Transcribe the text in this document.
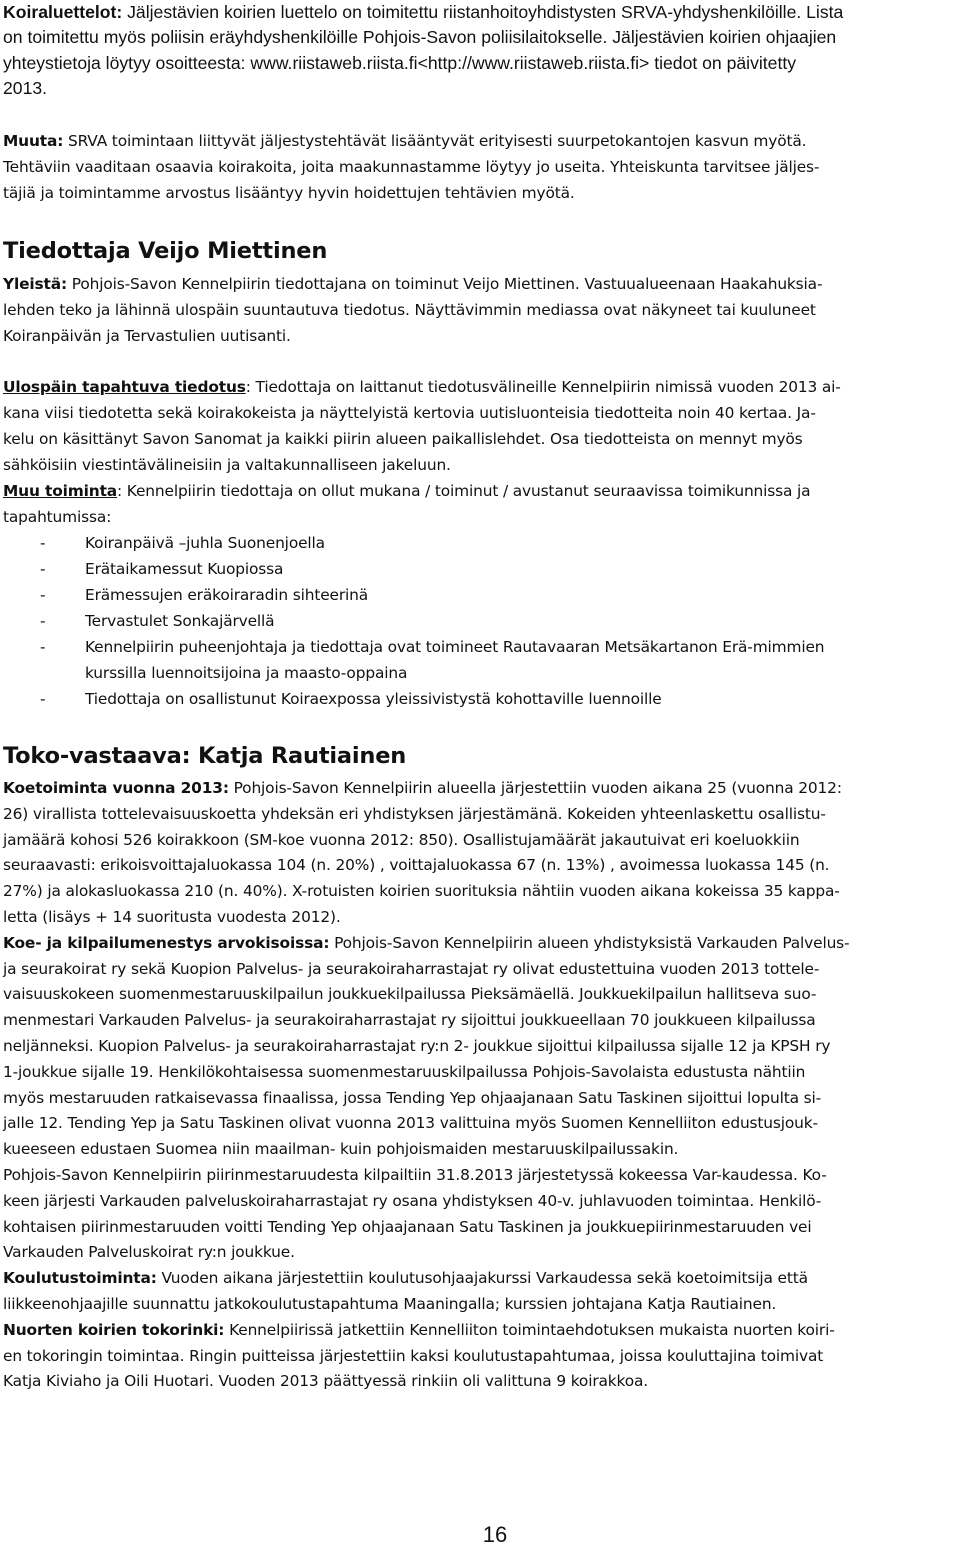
Koiraluettelot: Jäljestävien koirien luettelo on toimitettu riistanhoitoyhdistysten SRVA-yhdyshenkilöille. Lista
on toimitettu myös poliisin eräyhdyshenkilöille Pohjois-Savon poliisilaitokselle. Jäljestävien koirien ohjaajien
yhteystietoja löytyy osoitteesta: www.riistaweb.riista.fi<http://www.riistaweb.riista.fi> tiedot on päivitetty
2013.
Muuta: SRVA toimintaan liittyvät jäljestystehtävät lisääntyvät erityisesti suurpetokantojen kasvun myötä.
Tehtäviin vaaditaan osaavia koirakoita, joita maakunnastamme löytyy jo useita. Yhteiskunta tarvitsee jäljes-
täjiä ja toimintamme arvostus lisääntyy hyvin hoidettujen tehtävien myötä.
Tiedottaja Veijo Miettinen
Yleistä: Pohjois-Savon Kennelpiirin tiedottajana on toiminut Veijo Miettinen. Vastuualueenaan Haakahuksia-
lehden teko ja lähinnä ulospäin suuntautuva tiedotus. Näyttävimmin mediassa ovat näkyneet tai kuuluneet
Koiranpäivän ja Tervastulien uutisanti.
Ulospäin tapahtuva tiedotus: Tiedottaja on laittanut tiedotusvälineille Kennelpiirin nimissä vuoden 2013 ai-
kana viisi tiedotetta sekä koirakokeista ja näyttelyistä kertovia uutisluonteisia tiedotteita noin 40 kertaa. Ja-
kelu on käsittänyt Savon Sanomat ja kaikki piirin alueen paikallislehdet. Osa tiedotteista on mennyt myös
sähköisiin viestintävälineisiin ja valtakunnalliseen jakeluun.
Muu toiminta: Kennelpiirin tiedottaja on ollut mukana / toiminut / avustanut seuraavissa toimikunnissa ja
tapahtumissa:
-	Koiranpäivä –juhla Suonenjoella
-	Erätaikamessut Kuopiossa
-	Erämessujen eräkoiraradin sihteerinä
-	Tervastulet Sonkajärvellä
-	Kennelpiirin puheenjohtaja ja tiedottaja ovat toimineet Rautavaaran Metsäkartanon Erä-mimmien
kurssilla luennoitsijoina ja maasto-oppaina
-	Tiedottaja on osallistunut Koiraexpossa yleissivistystä kohottaville luennoille
Toko-vastaava: Katja Rautiainen
Koetoiminta vuonna 2013: Pohjois-Savon Kennelpiirin alueella järjestettiin vuoden aikana 25 (vuonna 2012:
26) virallista tottelevaisuuskoetta yhdeksän eri yhdistyksen järjestämänä. Kokeiden yhteenlaskettu osallistu-
jamäärä kohosi 526 koirakkoon (SM-koe vuonna 2012: 850). Osallistujamäärät jakautuivat eri koeluokkiin
seuraavasti: erikoisvoittajaluokassa 104 (n. 20%) , voittajaluokassa 67 (n. 13%) , avoimessa luokassa 145 (n.
27%) ja alokasluokassa 210 (n. 40%). X-rotuisten koirien suorituksia nähtiin vuoden aikana kokeissa 35 kappa-
letta (lisäys + 14 suoritusta vuodesta 2012).
Koe- ja kilpailumenestys arvokisoissa: Pohjois-Savon Kennelpiirin alueen yhdistyksistä Varkauden Palvelus-
ja seurakoirat ry sekä Kuopion Palvelus- ja seurakoiraharrastajat ry olivat edustettuina vuoden 2013 tottele-
vaisuuskokeen suomenmestaruuskilpailun joukkuekilpailussa Pieksämäellä. Joukkuekilpailun hallitseva suo-
menmestari Varkauden Palvelus- ja seurakoiraharrastajat ry sijoittui joukkueellaan 70 joukkueen kilpailussa
neljänneksi. Kuopion Palvelus- ja seurakoiraharrastajat ry:n 2- joukkue sijoittui kilpailussa sijalle 12 ja KPSH ry
1-joukkue sijalle 19. Henkilökohtaisessa suomenmestaruuskilpailussa Pohjois-Savolaista edustusta nähtiin
myös mestaruuden ratkaisevassa finaalissa, jossa Tending Yep ohjaajanaan Satu Taskinen sijoittui lopulta si-
jalle 12. Tending Yep ja Satu Taskinen olivat vuonna 2013 valittuina myös Suomen Kennelliiton edustusjouk-
kueeseen edustaen Suomea niin maailman- kuin pohjoismaiden mestaruuskilpailussakin.
Pohjois-Savon Kennelpiirin piirinmestaruudesta kilpailtiin 31.8.2013 järjestetyssä kokeessa Var-kaudessa. Ko-
keen järjesti Varkauden palveluskoiraharrastajat ry osana yhdistyksen 40-v. juhlavuoden toimintaa. Henkilö-
kohtaisen piirinmestaruuden voitti Tending Yep ohjaajanaan Satu Taskinen ja joukkuepiirinmestaruuden vei
Varkauden Palveluskoirat ry:n joukkue.
Koulutustoiminta: Vuoden aikana järjestettiin koulutusohjaajakurssi Varkaudessa sekä koetoimitsija että
liikkeenohjaajille suunnattu jatkokoulutustapahtuma Maaningalla; kurssien johtajana Katja Rautiainen.
Nuorten koirien tokorinki: Kennelpiirissä jatkettiin Kennelliiton toimintaehdotuksen mukaista nuorten koiri-
en tokoringin toimintaa. Ringin puitteissa järjestettiin kaksi koulutustapahtumaa, joissa kouluttajina toimivat
Katja Kiviaho ja Oili Huotari. Vuoden 2013 päättyessä rinkiin oli valittuna 9 koirakkoa.
16
